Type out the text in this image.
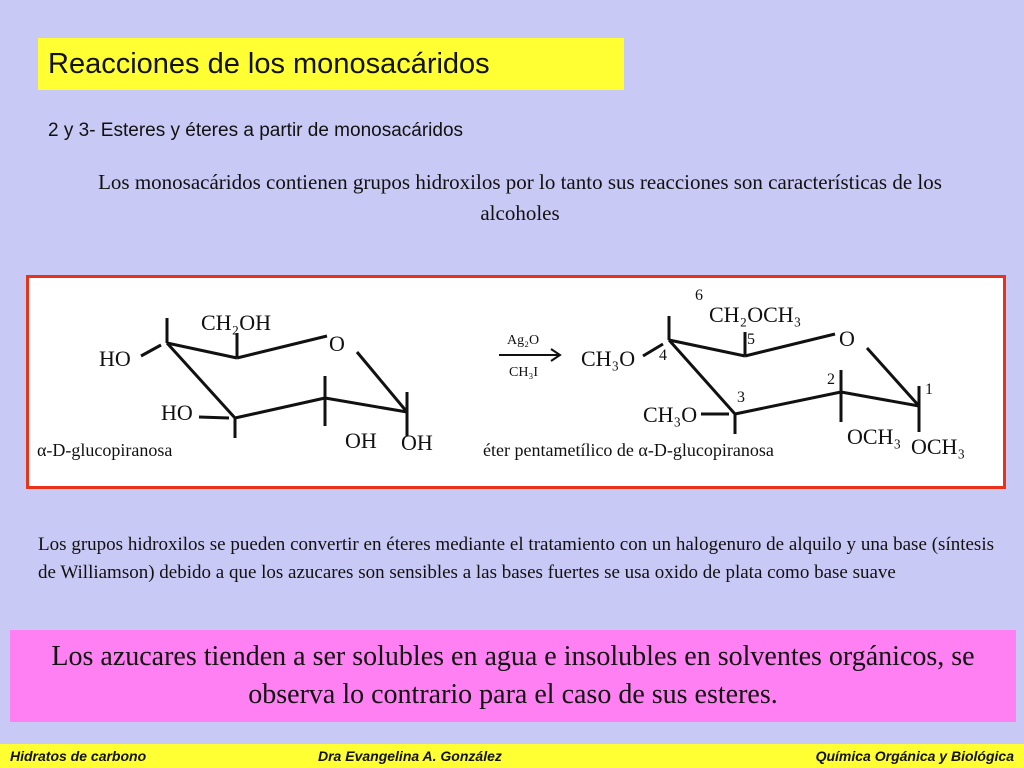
Reacciones de los monosacáridos
2 y 3- Esteres y éteres a partir de monosacáridos
Los monosacáridos contienen grupos hidroxilos por lo tanto sus reacciones son características de los alcoholes
CH₂OH
O
HO
HO
OH OH
α-D-glucopiranosa
Ag₂O
CH₃I
CH₂OCH₃
O
CH₃O
CH₃O
OCH₃ OCH₃
1
2
3
4
5
6
éter pentametílico de α-D-glucopiranosa
Los grupos hidroxilos se pueden convertir en éteres mediante el tratamiento con un halogenuro de alquilo y una base (síntesis de Williamson) debido a que los azucares son sensibles a las bases fuertes se usa oxido de plata como base suave
Los azucares tienden a ser solubles en agua e insolubles en solventes orgánicos, se observa lo contrario para el caso de sus esteres.
Hidratos de carbono	Dra Evangelina A. González	Química Orgánica y Biológica
